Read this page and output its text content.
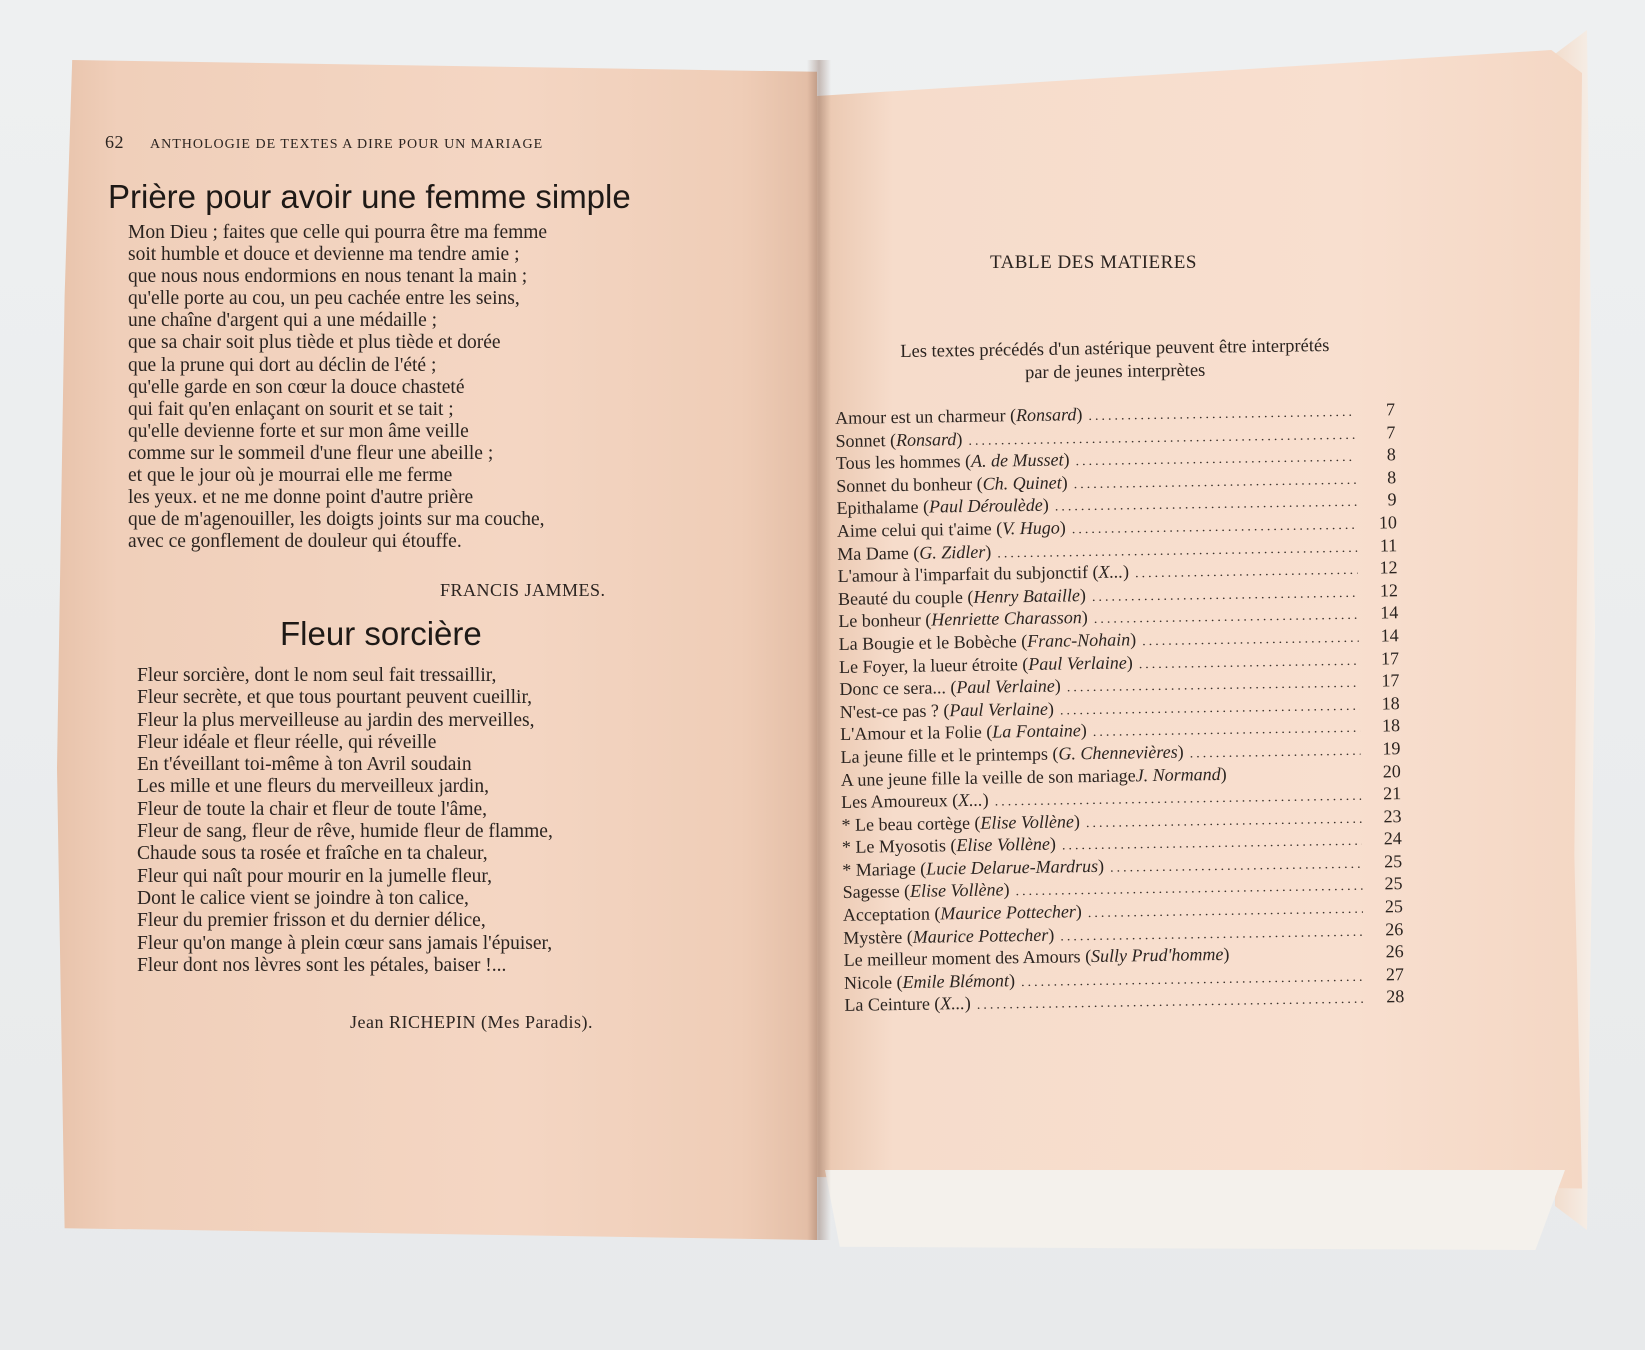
62 ANTHOLOGIE DE TEXTES A DIRE POUR UN MARIAGE
Prière pour avoir une femme simple
Mon Dieu ; faites que celle qui pourra être ma femme
soit humble et douce et devienne ma tendre amie ;
que nous nous endormions en nous tenant la main ;
qu'elle porte au cou, un peu cachée entre les seins,
une chaîne d'argent qui a une médaille ;
que sa chair soit plus tiède et plus tiède et dorée
que la prune qui dort au déclin de l'été ;
qu'elle garde en son cœur la douce chasteté
qui fait qu'en enlaçant on sourit et se tait ;
qu'elle devienne forte et sur mon âme veille
comme sur le sommeil d'une fleur une abeille ;
et que le jour où je mourrai elle me ferme
les yeux. et ne me donne point d'autre prière
que de m'agenouiller, les doigts joints sur ma couche,
avec ce gonflement de douleur qui étouffe.
FRANCIS JAMMES.
Fleur sorcière
Fleur sorcière, dont le nom seul fait tressaillir,
Fleur secrète, et que tous pourtant peuvent cueillir,
Fleur la plus merveilleuse au jardin des merveilles,
Fleur idéale et fleur réelle, qui réveille
En t'éveillant toi-même à ton Avril soudain
Les mille et une fleurs du merveilleux jardin,
Fleur de toute la chair et fleur de toute l'âme,
Fleur de sang, fleur de rêve, humide fleur de flamme,
Chaude sous ta rosée et fraîche en ta chaleur,
Fleur qui naît pour mourir en la jumelle fleur,
Dont le calice vient se joindre à ton calice,
Fleur du premier frisson et du dernier délice,
Fleur qu'on mange à plein cœur sans jamais l'épuiser,
Fleur dont nos lèvres sont les pétales, baiser !...
Jean RICHEPIN (Mes Paradis).
TABLE DES MATIERES
Les textes précédés d'un astérique peuvent être interprétés
par de jeunes interprètes
Amour est un charmeur (Ronsard) .....	7
Sonnet (Ronsard) .....	7
Tous les hommes (A. de Musset) .....	8
Sonnet du bonheur (Ch. Quinet) .....	8
Epithalame (Paul Déroulède) .....	9
Aime celui qui t'aime (V. Hugo) .....	10
Ma Dame (G. Zidler) .....	11
L'amour à l'imparfait du subjonctif (X...) .....	12
Beauté du couple (Henry Bataille) .....	12
Le bonheur (Henriette Charasson) .....	14
La Bougie et le Bobèche (Franc-Nohain) .....	14
Le Foyer, la lueur étroite (Paul Verlaine) .....	17
Donc ce sera... (Paul Verlaine) .....	17
N'est-ce pas ? (Paul Verlaine) .....	18
L'Amour et la Folie (La Fontaine) .....	18
La jeune fille et le printemps (G. Chennevières) .....	19
A une jeune fille la veille de son mariageJ. Normand)	20
Les Amoureux (X...) .....	21
* Le beau cortège (Elise Vollène) .....	23
* Le Myosotis (Elise Vollène) .....	24
* Mariage (Lucie Delarue-Mardrus) .....	25
Sagesse (Elise Vollène) .....	25
Acceptation (Maurice Pottecher) .....	25
Mystère (Maurice Pottecher) .....	26
Le meilleur moment des Amours (Sully Prud'homme)	26
Nicole (Emile Blémont) .....	27
La Ceinture (X...) .....	28
